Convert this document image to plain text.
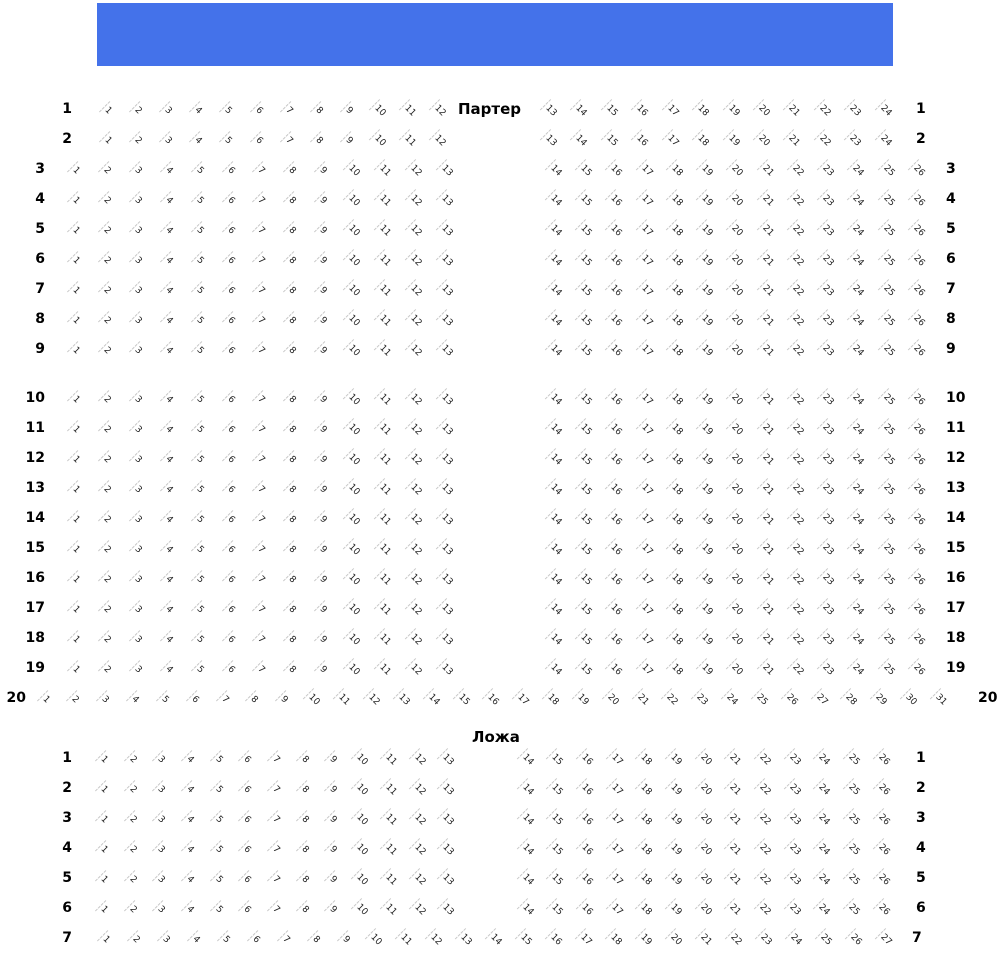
Партер
Ложа
1	1 2 3 4 5 6 7 8 9 10 11 12	13 14 15 16 17 18 19 20 21 22 23 24 1
2	1 2 3 4 5 6 7 8 9 10 11 12	13 14 15 16 17 18 19 20 21 22 23 24 2
3	1 2 3 4 5 6 7 8 9 10 11 12 13	14 15 16 17 18 19 20 21 22 23 24 25 26 3
4	1 2 3 4 5 6 7 8 9 10 11 12 13	14 15 16 17 18 19 20 21 22 23 24 25 26 4
5	1 2 3 4 5 6 7 8 9 10 11 12 13	14 15 16 17 18 19 20 21 22 23 24 25 26 5
6	1 2 3 4 5 6 7 8 9 10 11 12 13	14 15 16 17 18 19 20 21 22 23 24 25 26 6
7	1 2 3 4 5 6 7 8 9 10 11 12 13	14 15 16 17 18 19 20 21 22 23 24 25 26 7
8	1 2 3 4 5 6 7 8 9 10 11 12 13	14 15 16 17 18 19 20 21 22 23 24 25 26 8
9	1 2 3 4 5 6 7 8 9 10 11 12 13	14 15 16 17 18 19 20 21 22 23 24 25 26 9
10	1 2 3 4 5 6 7 8 9 10 11 12 13	14 15 16 17 18 19 20 21 22 23 24 25 26 10
11	1 2 3 4 5 6 7 8 9 10 11 12 13	14 15 16 17 18 19 20 21 22 23 24 25 26 11
12	1 2 3 4 5 6 7 8 9 10 11 12 13	14 15 16 17 18 19 20 21 22 23 24 25 26 12
13	1 2 3 4 5 6 7 8 9 10 11 12 13	14 15 16 17 18 19 20 21 22 23 24 25 26 13
14	1 2 3 4 5 6 7 8 9 10 11 12 13	14 15 16 17 18 19 20 21 22 23 24 25 26 14
15	1 2 3 4 5 6 7 8 9 10 11 12 13	14 15 16 17 18 19 20 21 22 23 24 25 26 15
16	1 2 3 4 5 6 7 8 9 10 11 12 13	14 15 16 17 18 19 20 21 22 23 24 25 26 16
17	1 2 3 4 5 6 7 8 9 10 11 12 13	14 15 16 17 18 19 20 21 22 23 24 25 26 17
18	1 2 3 4 5 6 7 8 9 10 11 12 13	14 15 16 17 18 19 20 21 22 23 24 25 26 18
19	1 2 3 4 5 6 7 8 9 10 11 12 13	14 15 16 17 18 19 20 21 22 23 24 25 26 19
20 1 2 3 4 5 6 7 8 9 10 11 12 13 14 15 16 17 18 19 20 21 22 23 24 25 26 27 28 29 30 31 20
1	1 2 3 4 5 6 7 8 9 10 11 12 13	14 15 16 17 18 19 20 21 22 23 24 25 26 1
2	1 2 3 4 5 6 7 8 9 10 11 12 13	14 15 16 17 18 19 20 21 22 23 24 25 26 2
3	1 2 3 4 5 6 7 8 9 10 11 12 13	14 15 16 17 18 19 20 21 22 23 24 25 26 3
4	1 2 3 4 5 6 7 8 9 10 11 12 13	14 15 16 17 18 19 20 21 22 23 24 25 26 4
5	1 2 3 4 5 6 7 8 9 10 11 12 13	14 15 16 17 18 19 20 21 22 23 24 25 26 5
6	1 2 3 4 5 6 7 8 9 10 11 12 13	14 15 16 17 18 19 20 21 22 23 24 25 26 6
7	1 2 3 4 5 6 7 8 9 10 11 12 13 14 15 16 17 18 19 20 21 22 23 24 25 26 27 7
